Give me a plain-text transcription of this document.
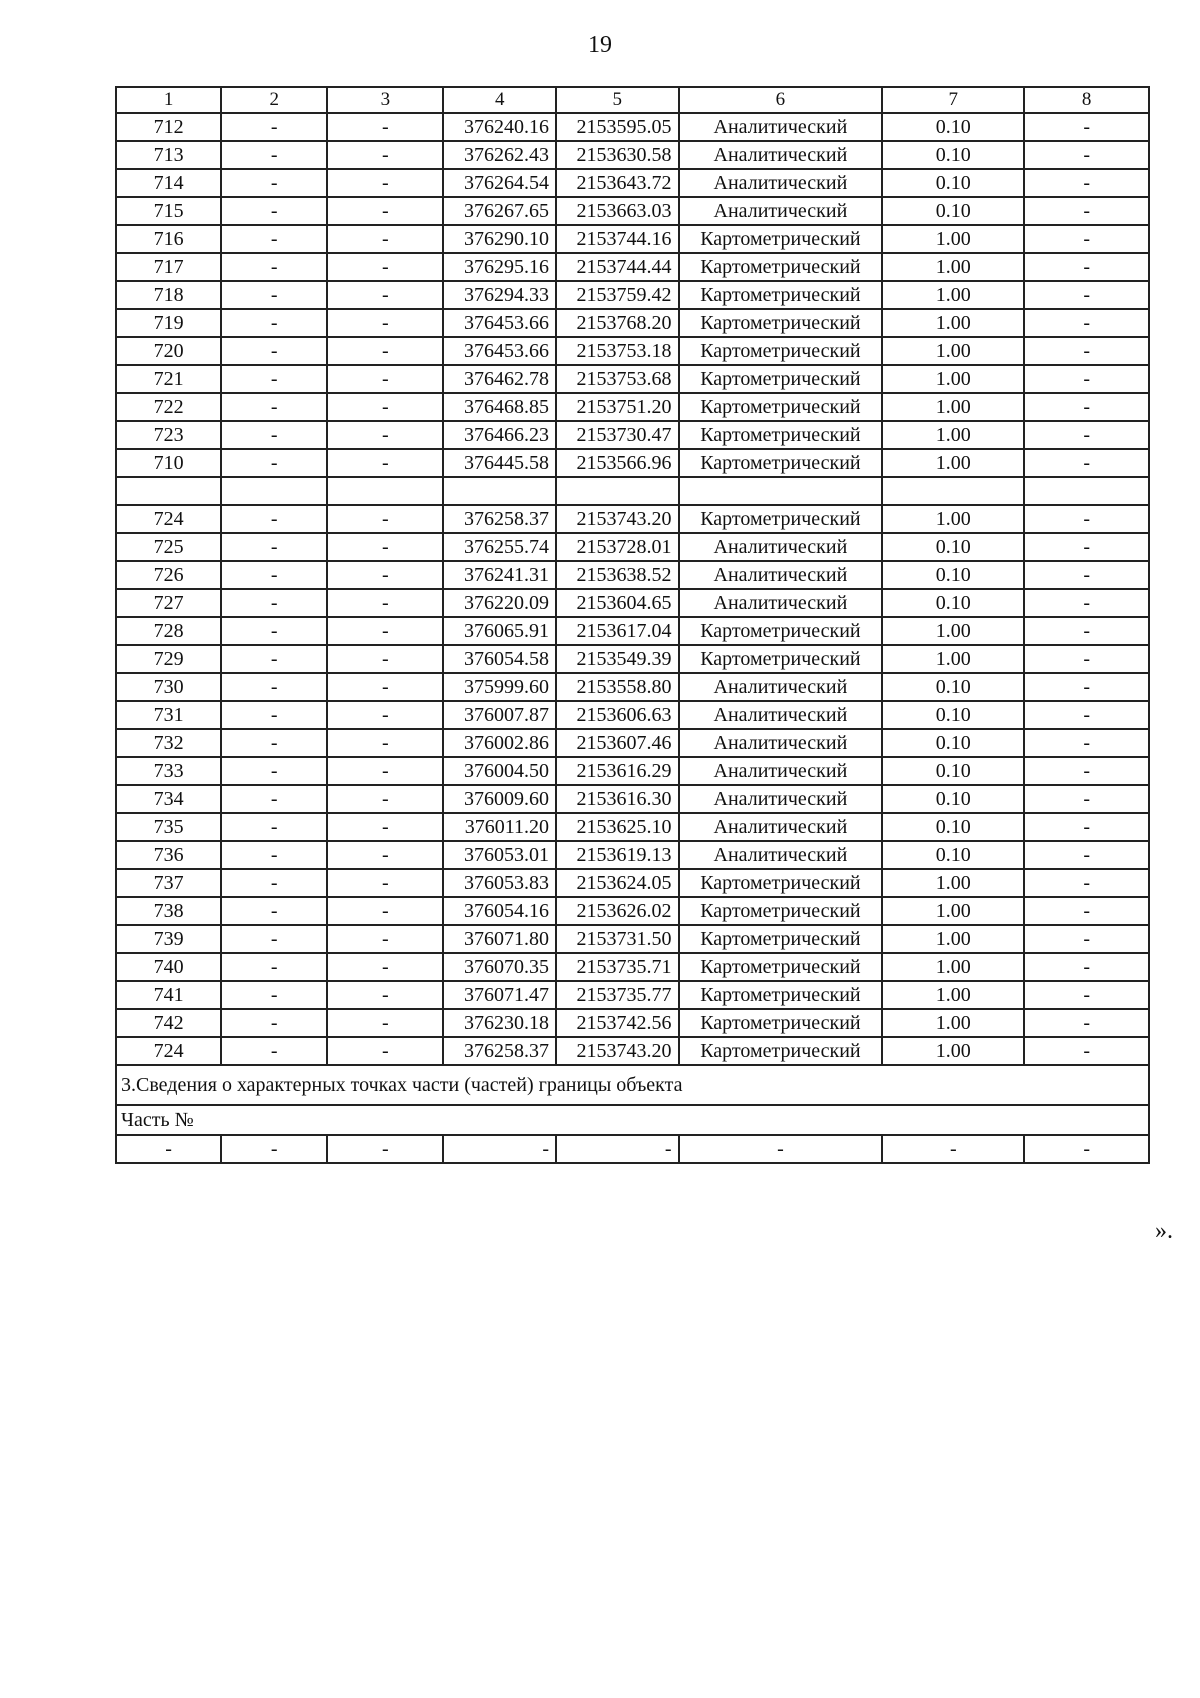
19
1	2	3	4	5	6	7	8
712	-	-	376240.16	2153595.05	Аналитический	0.10	-
713	-	-	376262.43	2153630.58	Аналитический	0.10	-
714	-	-	376264.54	2153643.72	Аналитический	0.10	-
715	-	-	376267.65	2153663.03	Аналитический	0.10	-
716	-	-	376290.10	2153744.16	Картометрический	1.00	-
717	-	-	376295.16	2153744.44	Картометрический	1.00	-
718	-	-	376294.33	2153759.42	Картометрический	1.00	-
719	-	-	376453.66	2153768.20	Картометрический	1.00	-
720	-	-	376453.66	2153753.18	Картометрический	1.00	-
721	-	-	376462.78	2153753.68	Картометрический	1.00	-
722	-	-	376468.85	2153751.20	Картометрический	1.00	-
723	-	-	376466.23	2153730.47	Картометрический	1.00	-
710	-	-	376445.58	2153566.96	Картометрический	1.00	-

724	-	-	376258.37	2153743.20	Картометрический	1.00	-
725	-	-	376255.74	2153728.01	Аналитический	0.10	-
726	-	-	376241.31	2153638.52	Аналитический	0.10	-
727	-	-	376220.09	2153604.65	Аналитический	0.10	-
728	-	-	376065.91	2153617.04	Картометрический	1.00	-
729	-	-	376054.58	2153549.39	Картометрический	1.00	-
730	-	-	375999.60	2153558.80	Аналитический	0.10	-
731	-	-	376007.87	2153606.63	Аналитический	0.10	-
732	-	-	376002.86	2153607.46	Аналитический	0.10	-
733	-	-	376004.50	2153616.29	Аналитический	0.10	-
734	-	-	376009.60	2153616.30	Аналитический	0.10	-
735	-	-	376011.20	2153625.10	Аналитический	0.10	-
736	-	-	376053.01	2153619.13	Аналитический	0.10	-
737	-	-	376053.83	2153624.05	Картометрический	1.00	-
738	-	-	376054.16	2153626.02	Картометрический	1.00	-
739	-	-	376071.80	2153731.50	Картометрический	1.00	-
740	-	-	376070.35	2153735.71	Картометрический	1.00	-
741	-	-	376071.47	2153735.77	Картометрический	1.00	-
742	-	-	376230.18	2153742.56	Картометрический	1.00	-
724	-	-	376258.37	2153743.20	Картометрический	1.00	-
3.Сведения о характерных точках части (частей) границы объекта							
Часть №							
-	-	-	-	-	-	-	-
».
